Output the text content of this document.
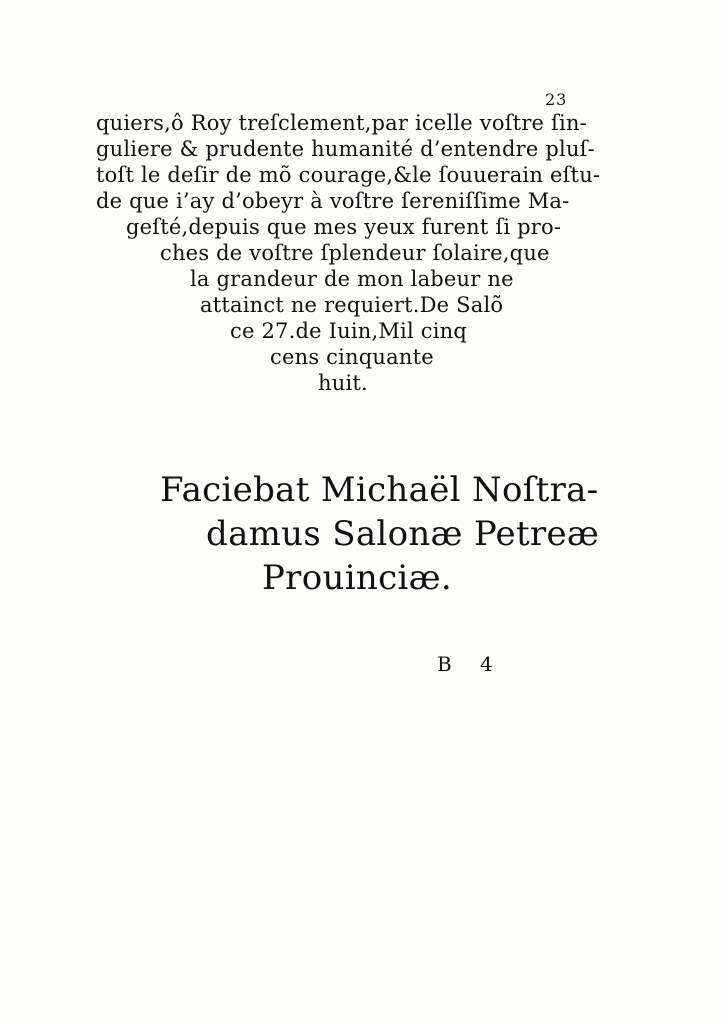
23
quiers,ô Roy treſclement,par icelle voſtre ſin-
guliere & prudente humanité d’entendre pluſ-
toſt le deſir de mõ courage,&le ſouuerain eſtu-
de que i’ay d’obeyr à voſtre ſereniſſime Ma-
geſté,depuis que mes yeux furent ſi pro-
ches de voſtre ſplendeur ſolaire,que
la grandeur de mon labeur ne
attainct ne requiert.De Salõ
ce 27.de Iuin,Mil cinq
cens cinquante
huit.
Faciebat Michaël Noſtra-
damus Salonæ Petreæ
Prouinciæ.
B 4
